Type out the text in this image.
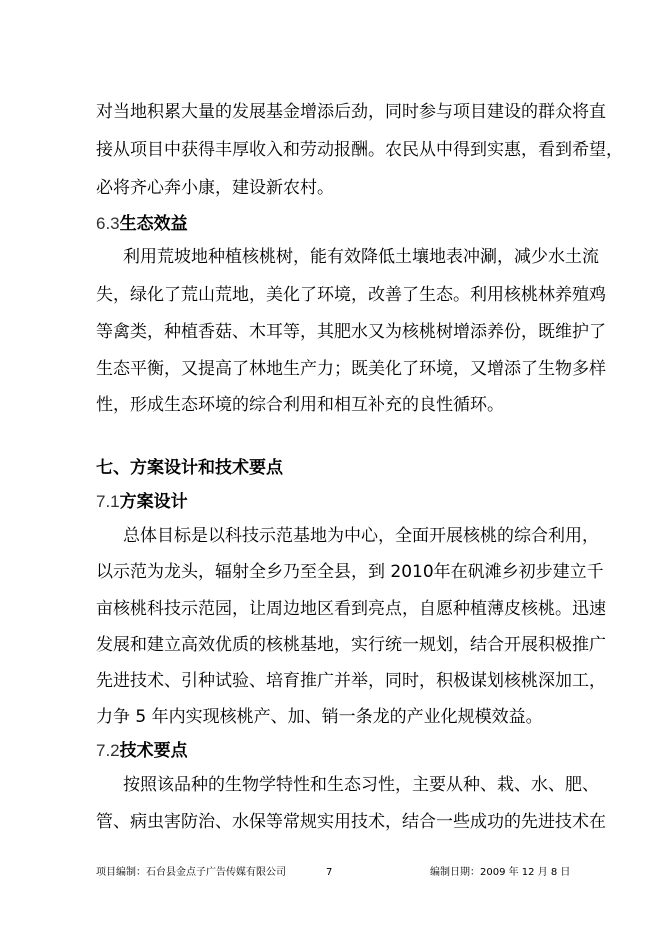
对当地积累大量的发展基金增添后劲，同时参与项目建设的群众将直
接从项目中获得丰厚收入和劳动报酬。农民从中得到实惠，看到希望，
必将齐心奔小康，建设新农村。
6.3生态效益
利用荒坡地种植核桃树，能有效降低土壤地表冲涮，减少水土流
失，绿化了荒山荒地，美化了环境，改善了生态。利用核桃林养殖鸡
等禽类，种植香菇、木耳等，其肥水又为核桃树增添养份，既维护了
生态平衡，又提高了林地生产力；既美化了环境，又增添了生物多样
性，形成生态环境的综合利用和相互补充的良性循环。
七、方案设计和技术要点
7.1方案设计
总体目标是以科技示范基地为中心，全面开展核桃的综合利用，
以示范为龙头，辐射全乡乃至全县，到 2010年在矾滩乡初步建立千
亩核桃科技示范园，让周边地区看到亮点，自愿种植薄皮核桃。迅速
发展和建立高效优质的核桃基地，实行统一规划，结合开展积极推广
先进技术、引种试验、培育推广并举，同时，积极谋划核桃深加工，
力争 5 年内实现核桃产、加、销一条龙的产业化规模效益。
7.2技术要点
按照该品种的生物学特性和生态习性，主要从种、栽、水、肥、
管、病虫害防治、水保等常规实用技术，结合一些成功的先进技术在
项目编制：石台县金点子广告传媒有限公司	7	编制日期：2009 年 12 月 8 日
